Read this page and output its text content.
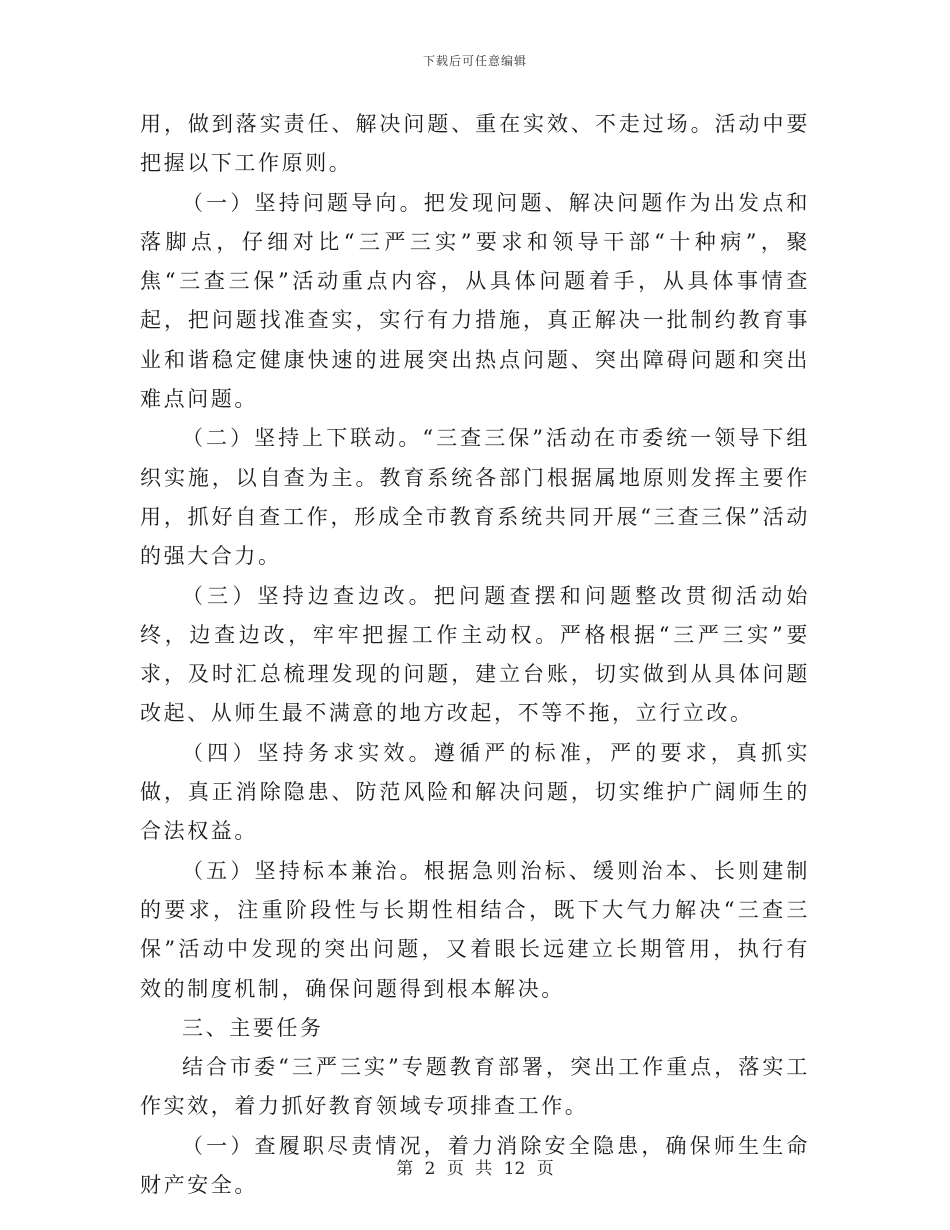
下载后可任意编辑

用，做到落实责任、解决问题、重在实效、不走过场。活动中要把握以下工作原则。

（一）坚持问题导向。把发现问题、解决问题作为出发点和落脚点，仔细对比“三严三实”要求和领导干部“十种病”，聚焦“三查三保”活动重点内容，从具体问题着手，从具体事情查起，把问题找准查实，实行有力措施，真正解决一批制约教育事业和谐稳定健康快速的进展突出热点问题、突出障碍问题和突出难点问题。

（二）坚持上下联动。“三查三保”活动在市委统一领导下组织实施，以自查为主。教育系统各部门根据属地原则发挥主要作用，抓好自查工作，形成全市教育系统共同开展“三查三保”活动的强大合力。

（三）坚持边查边改。把问题查摆和问题整改贯彻活动始终，边查边改，牢牢把握工作主动权。严格根据“三严三实”要求，及时汇总梳理发现的问题，建立台账，切实做到从具体问题改起、从师生最不满意的地方改起，不等不拖，立行立改。

（四）坚持务求实效。遵循严的标准，严的要求，真抓实做，真正消除隐患、防范风险和解决问题，切实维护广阔师生的合法权益。

（五）坚持标本兼治。根据急则治标、缓则治本、长则建制的要求，注重阶段性与长期性相结合，既下大气力解决“三查三保”活动中发现的突出问题，又着眼长远建立长期管用，执行有效的制度机制，确保问题得到根本解决。

三、主要任务

结合市委“三严三实”专题教育部署，突出工作重点，落实工作实效，着力抓好教育领域专项排查工作。

（一）查履职尽责情况，着力消除安全隐患，确保师生生命财产安全。

第 2 页 共 12 页
